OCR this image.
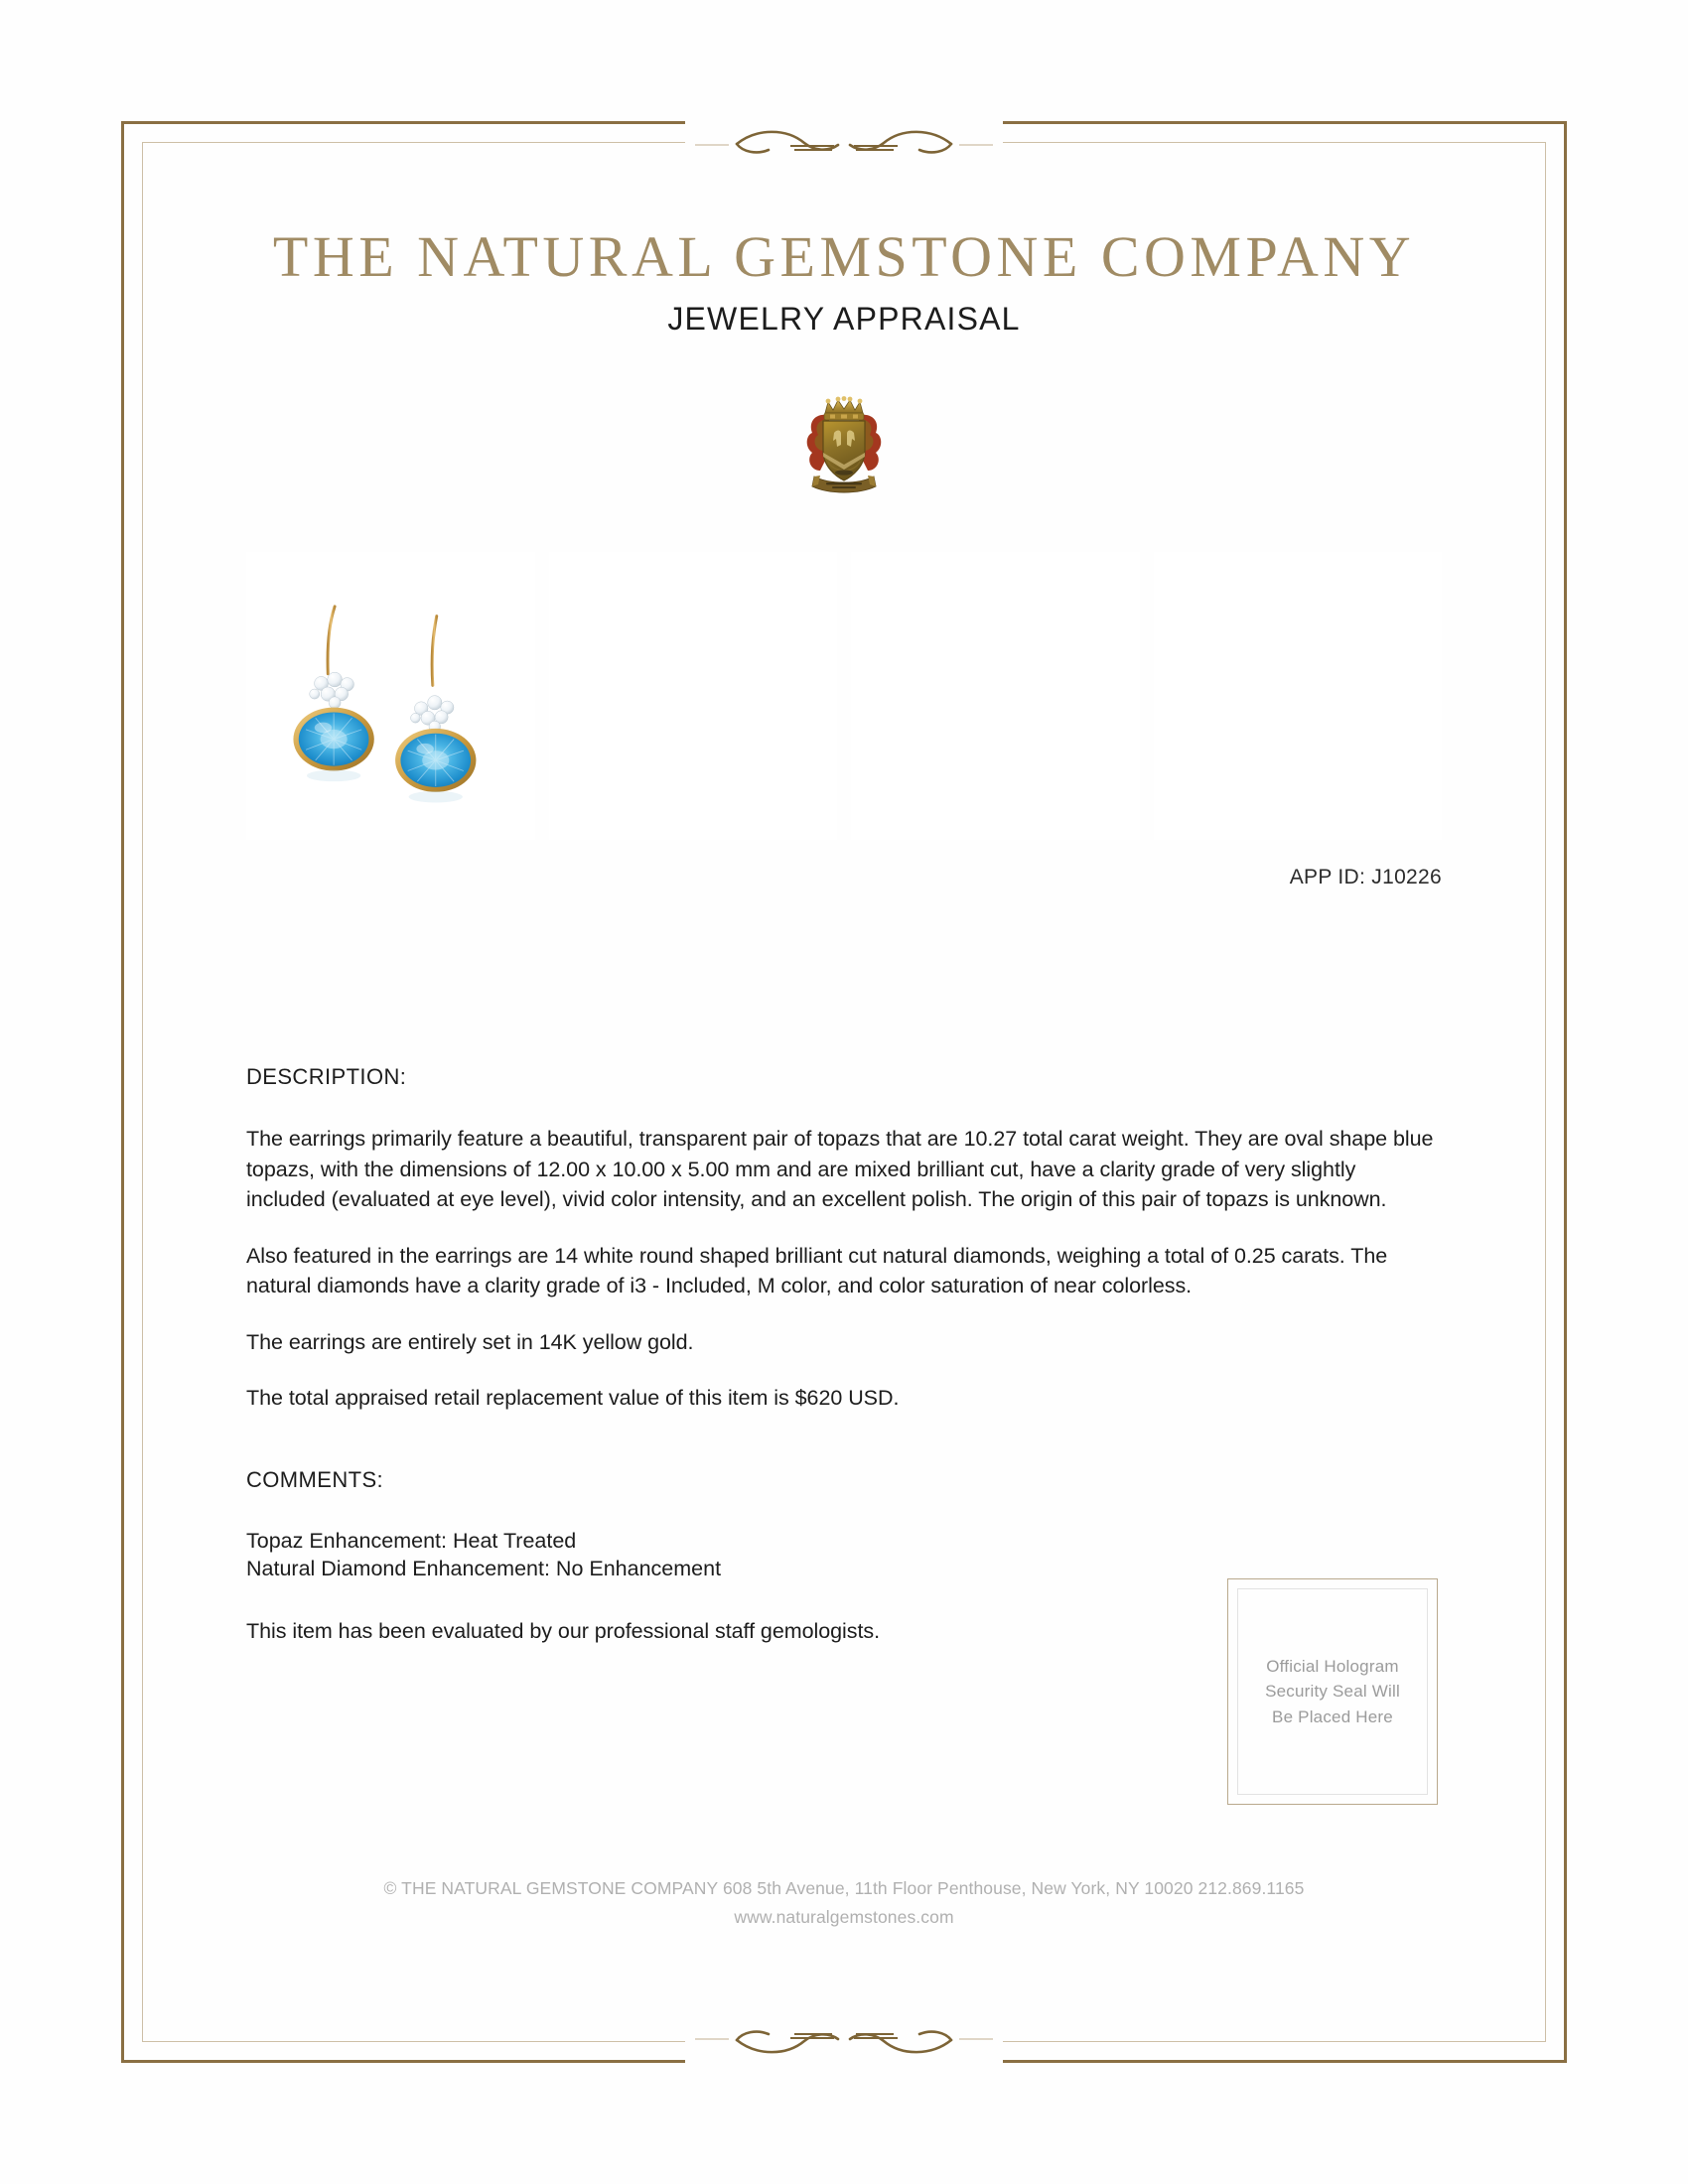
THE NATURAL GEMSTONE COMPANY
JEWELRY APPRAISAL
APP ID: J10226
DESCRIPTION:
The earrings primarily feature a beautiful, transparent pair of topazs that are 10.27 total carat weight. They are oval shape blue topazs, with the dimensions of 12.00 x 10.00 x 5.00 mm and are mixed brilliant cut, have a clarity grade of very slightly included (evaluated at eye level), vivid color intensity, and an excellent polish. The origin of this pair of topazs is unknown.
Also featured in the earrings are 14 white round shaped brilliant cut natural diamonds, weighing a total of 0.25 carats. The natural diamonds have a clarity grade of i3 - Included, M color, and color saturation of near colorless.
The earrings are entirely set in 14K yellow gold.
The total appraised retail replacement value of this item is $620 USD.
COMMENTS:
Topaz Enhancement: Heat Treated
Natural Diamond Enhancement: No Enhancement
This item has been evaluated by our professional staff gemologists.
Official Hologram
Security Seal Will
Be Placed Here
© THE NATURAL GEMSTONE COMPANY 608 5th Avenue, 11th Floor Penthouse, New York, NY 10020 212.869.1165
www.naturalgemstones.com
